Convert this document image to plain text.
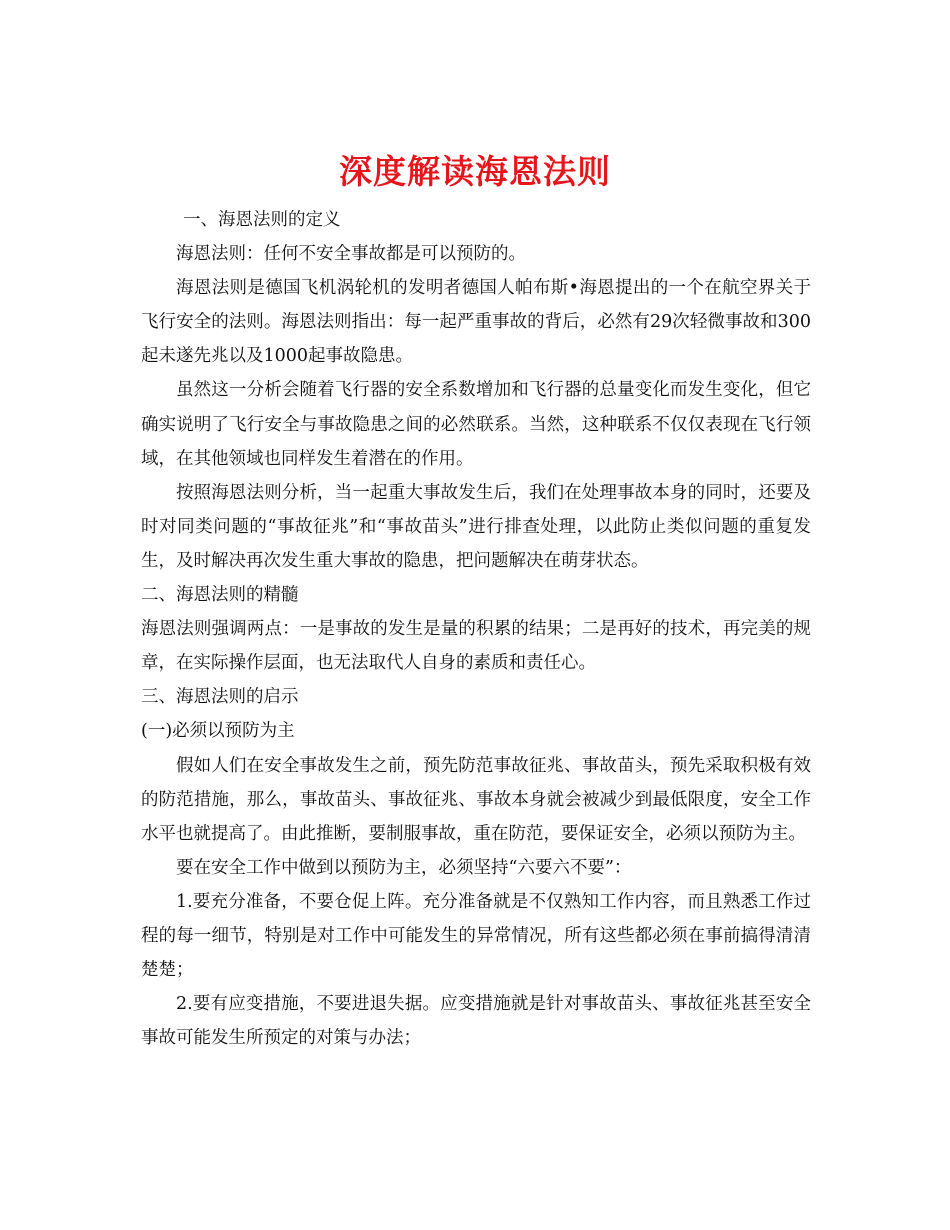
深度解读海恩法则

一、海恩法则的定义

海恩法则：任何不安全事故都是可以预防的。

海恩法则是德国飞机涡轮机的发明者德国人帕布斯•海恩提出的一个在航空界关于飞行安全的法则。海恩法则指出：每一起严重事故的背后，必然有29次轻微事故和300起未遂先兆以及1000起事故隐患。

虽然这一分析会随着飞行器的安全系数增加和飞行器的总量变化而发生变化，但它确实说明了飞行安全与事故隐患之间的必然联系。当然，这种联系不仅仅表现在飞行领域，在其他领域也同样发生着潜在的作用。

按照海恩法则分析，当一起重大事故发生后，我们在处理事故本身的同时，还要及时对同类问题的“事故征兆”和“事故苗头”进行排查处理，以此防止类似问题的重复发生，及时解决再次发生重大事故的隐患，把问题解决在萌芽状态。

二、海恩法则的精髓

海恩法则强调两点：一是事故的发生是量的积累的结果；二是再好的技术，再完美的规章，在实际操作层面，也无法取代人自身的素质和责任心。

三、海恩法则的启示

(一)必须以预防为主

假如人们在安全事故发生之前，预先防范事故征兆、事故苗头，预先采取积极有效的防范措施，那么，事故苗头、事故征兆、事故本身就会被减少到最低限度，安全工作水平也就提高了。由此推断，要制服事故，重在防范，要保证安全，必须以预防为主。

要在安全工作中做到以预防为主，必须坚持“六要六不要”：

1.要充分准备，不要仓促上阵。充分准备就是不仅熟知工作内容，而且熟悉工作过程的每一细节，特别是对工作中可能发生的异常情况，所有这些都必须在事前搞得清清楚楚；

2.要有应变措施，不要进退失据。应变措施就是针对事故苗头、事故征兆甚至安全事故可能发生所预定的对策与办法；
